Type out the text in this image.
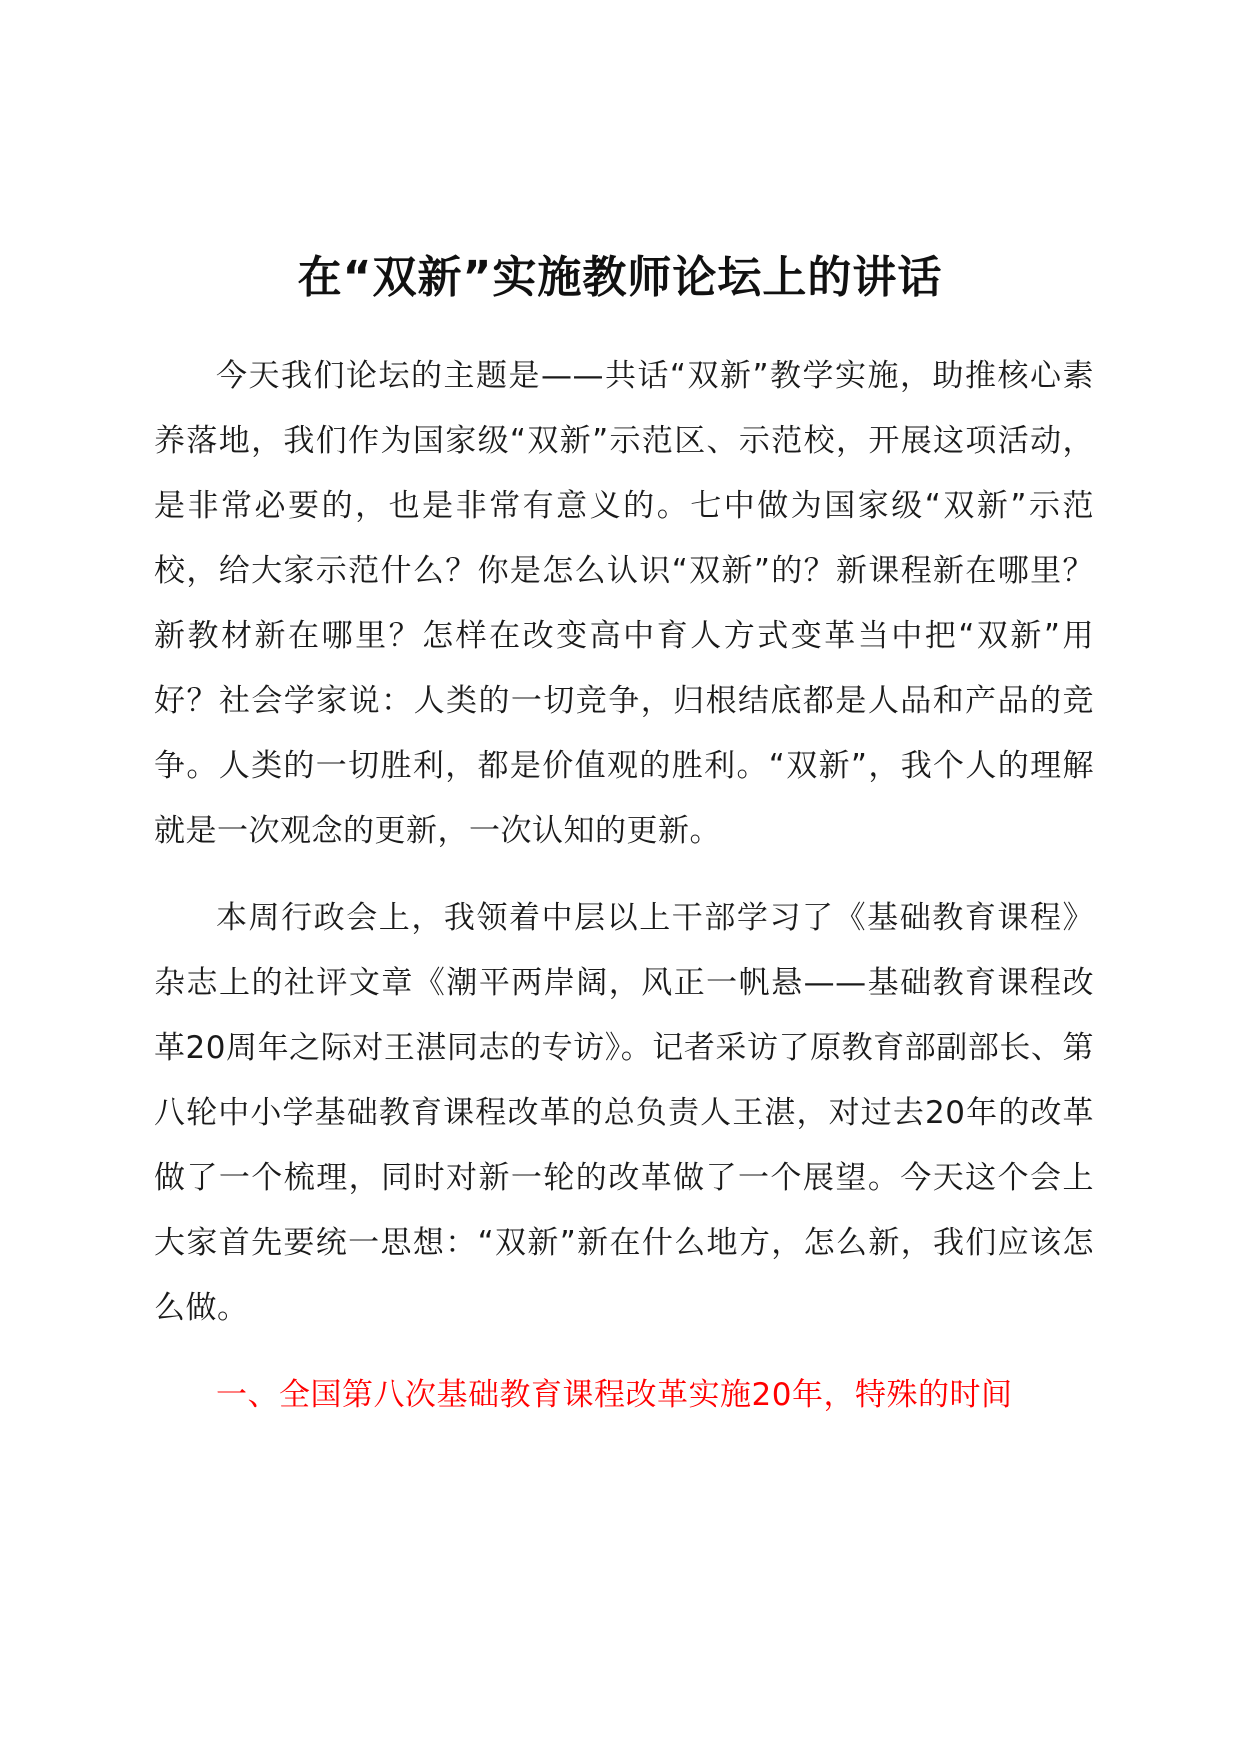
在“双新”实施教师论坛上的讲话

今天我们论坛的主题是——共话“双新”教学实施，助推核心素养落地，我们作为国家级“双新”示范区、示范校，开展这项活动，是非常必要的，也是非常有意义的。七中做为国家级“双新”示范校，给大家示范什么？你是怎么认识“双新”的？新课程新在哪里？新教材新在哪里？怎样在改变高中育人方式变革当中把“双新”用好？社会学家说：人类的一切竞争，归根结底都是人品和产品的竞争。人类的一切胜利，都是价值观的胜利。“双新”，我个人的理解就是一次观念的更新，一次认知的更新。

本周行政会上，我领着中层以上干部学习了《基础教育课程》杂志上的社评文章《潮平两岸阔，风正一帆悬——基础教育课程改革20周年之际对王湛同志的专访》。记者采访了原教育部副部长、第八轮中小学基础教育课程改革的总负责人王湛，对过去20年的改革做了一个梳理，同时对新一轮的改革做了一个展望。今天这个会上大家首先要统一思想：“双新”新在什么地方，怎么新，我们应该怎么做。

一、全国第八次基础教育课程改革实施20年，特殊的时间
